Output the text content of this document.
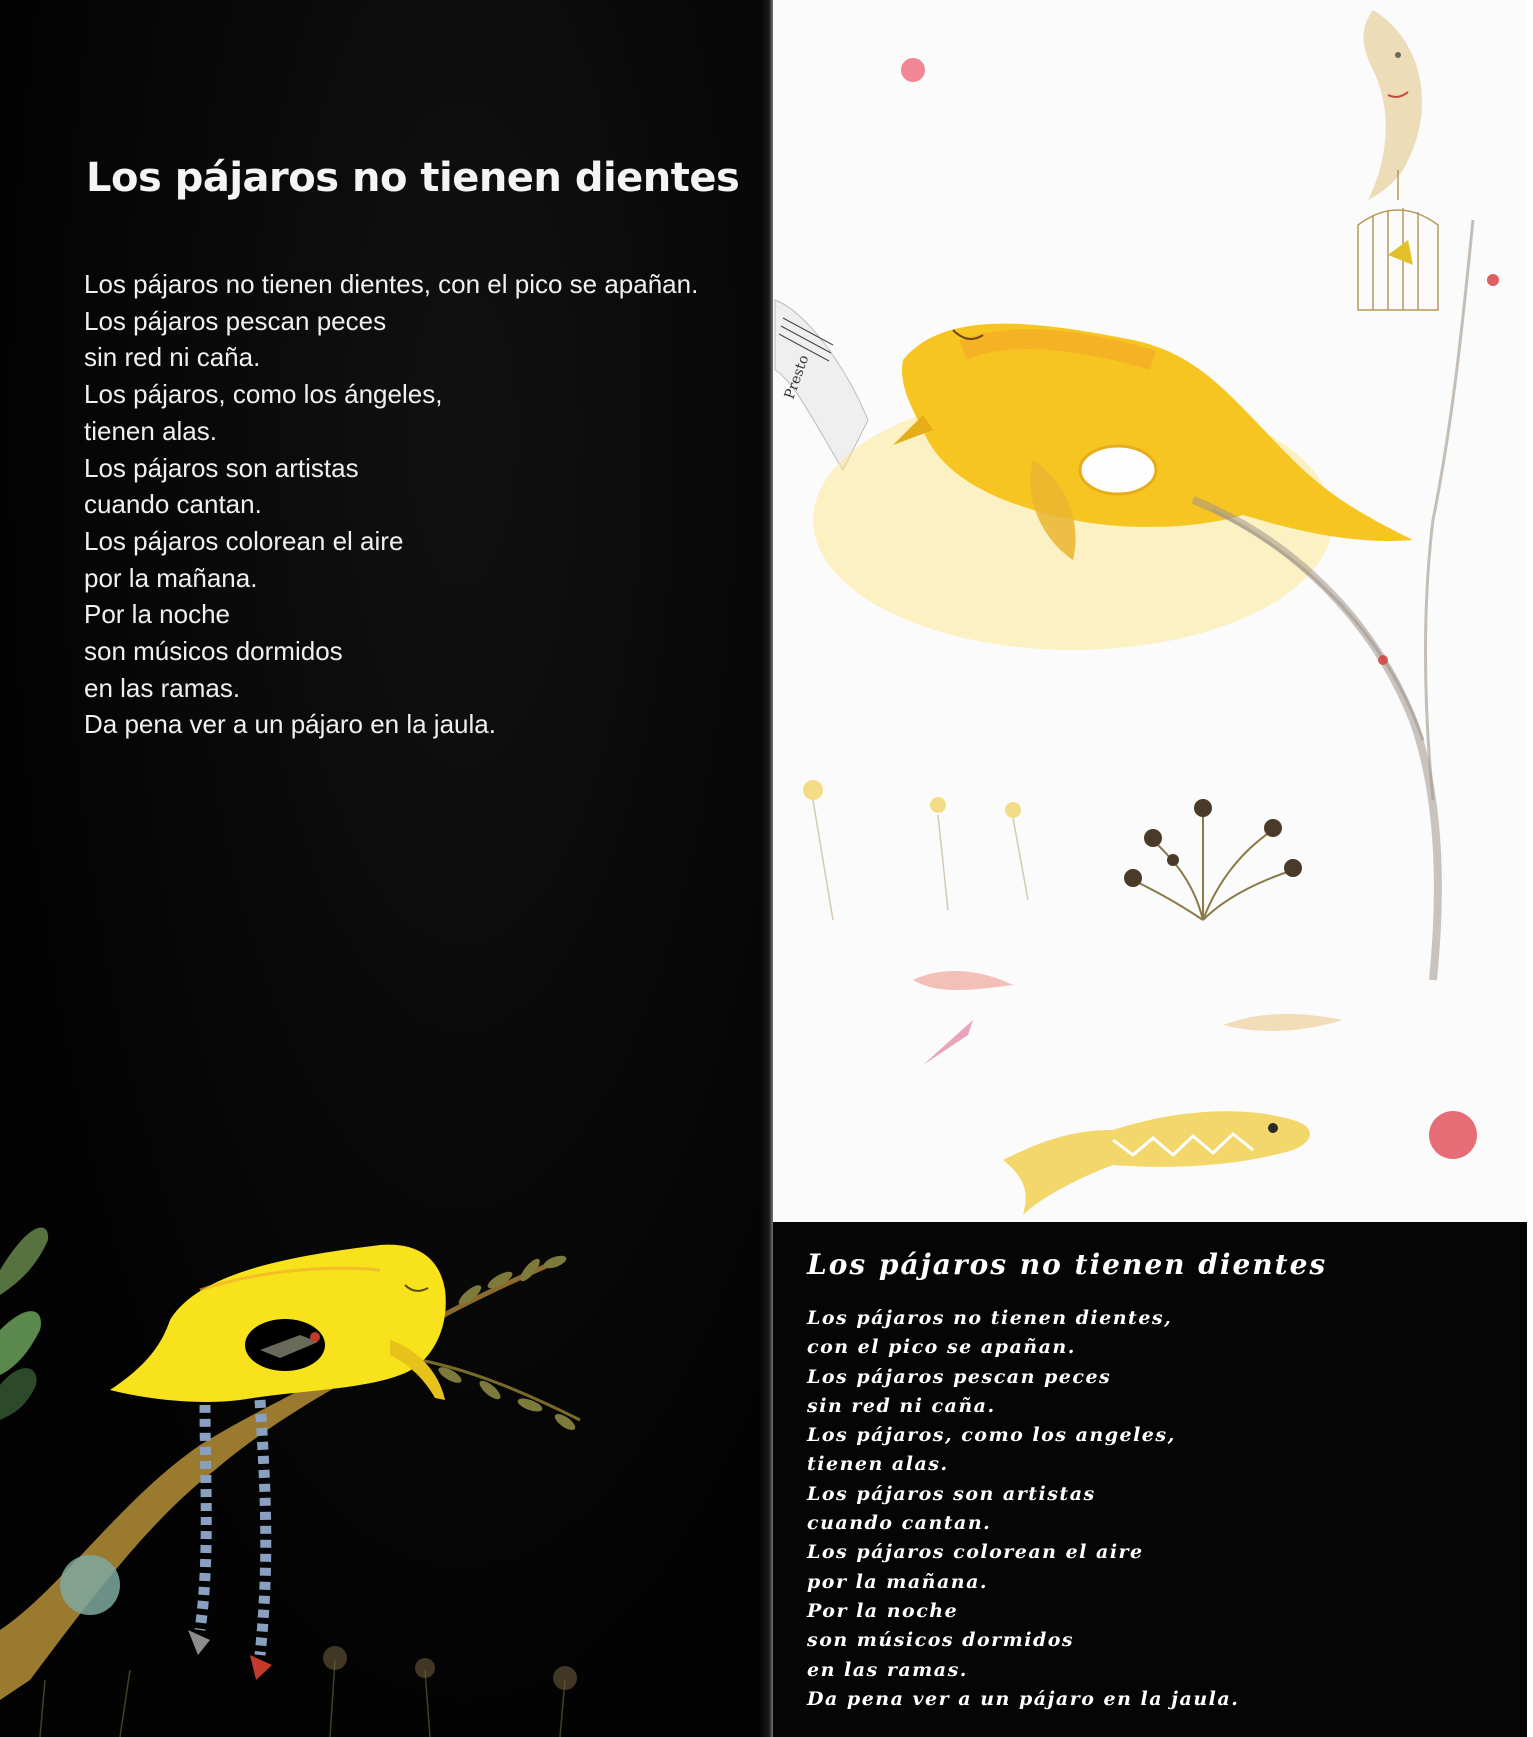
Los pájaros no tienen dientes
Los pájaros no tienen dientes, con el pico se apañan.
Los pájaros pescan peces
sin red ni caña.
Los pájaros, como los ángeles,
tienen alas.
Los pájaros son artistas
cuando cantan.
Los pájaros colorean el aire
por la mañana.
Por la noche
son músicos dormidos
en las ramas.
Da pena ver a un pájaro en la jaula.
Presto
Los pájaros no tienen dientes
Los pájaros no tienen dientes,
con el pico se apañan.
Los pájaros pescan peces
sin red ni caña.
Los pájaros, como los angeles,
tienen alas.
Los pájaros son artistas
cuando cantan.
Los pájaros colorean el aire
por la mañana.
Por la noche
son músicos dormidos
en las ramas.
Da pena ver a un pájaro en la jaula.
